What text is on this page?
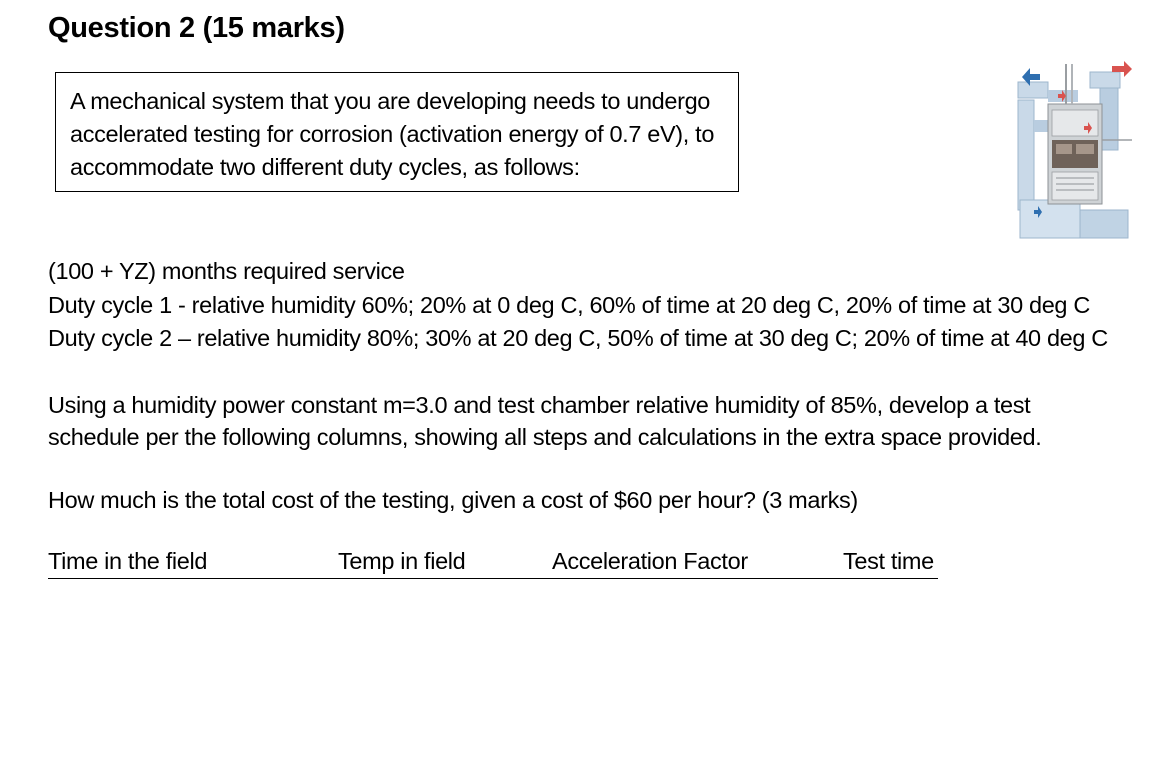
Question 2 (15 marks)
A mechanical system that you are developing needs to undergo
accelerated testing for corrosion (activation energy of 0.7 eV), to
accommodate two different duty cycles, as follows:
(100 + YZ) months required service
Duty cycle 1 - relative humidity 60%; 20% at 0 deg C, 60% of time at 20 deg C, 20% of time at 30 deg C
Duty cycle 2 – relative humidity 80%; 30% at 20 deg C, 50% of time at 30 deg C; 20% of time at 40 deg C
Using a humidity power constant m=3.0 and test chamber relative humidity of 85%, develop a test
schedule per the following columns, showing all steps and calculations in the extra space provided.
How much is the total cost of the testing, given a cost of $60 per hour? (3 marks)
Time in the field	Temp in field	Acceleration Factor	Test time
